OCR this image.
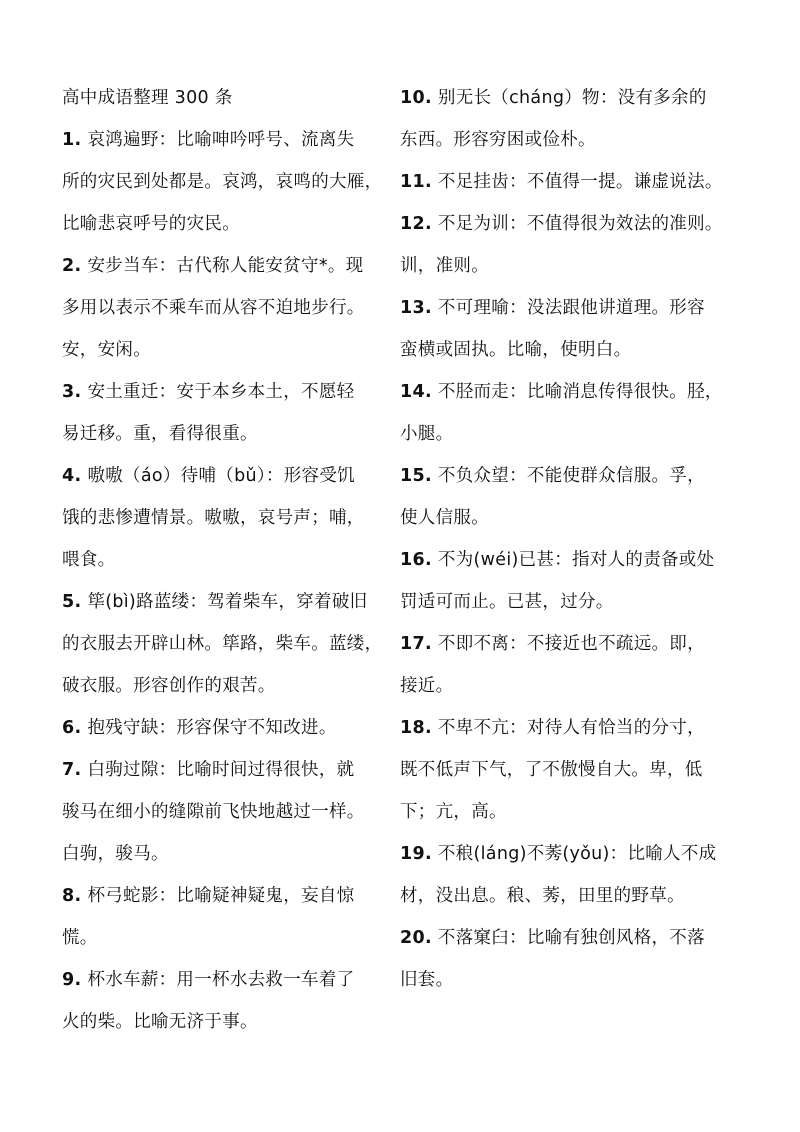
高中成语整理 300 条
1. 哀鸿遍野：比喻呻吟呼号、流离失
所的灾民到处都是。哀鸿，哀鸣的大雁，
比喻悲哀呼号的灾民。
2. 安步当车：古代称人能安贫守*。现
多用以表示不乘车而从容不迫地步行。
安，安闲。
3. 安土重迁：安于本乡本土，不愿轻
易迁移。重，看得很重。
4. 嗷嗷（áo）待哺（bǔ）：形容受饥
饿的悲惨遭情景。嗷嗷，哀号声；哺，
喂食。
5. 筚(bì)路蓝缕：驾着柴车，穿着破旧
的衣服去开辟山林。筚路，柴车。蓝缕，
破衣服。形容创作的艰苦。
6. 抱残守缺：形容保守不知改进。
7. 白驹过隙：比喻时间过得很快，就
骏马在细小的缝隙前飞快地越过一样。
白驹，骏马。
8. 杯弓蛇影：比喻疑神疑鬼，妄自惊
慌。
9. 杯水车薪：用一杯水去救一车着了
火的柴。比喻无济于事。
10. 别无长（cháng）物：没有多余的
东西。形容穷困或俭朴。
11. 不足挂齿：不值得一提。谦虚说法。
12. 不足为训：不值得很为效法的准则。
训，准则。
13. 不可理喻：没法跟他讲道理。形容
蛮横或固执。比喻，使明白。
14. 不胫而走：比喻消息传得很快。胫，
小腿。
15. 不负众望：不能使群众信服。孚，
使人信服。
16. 不为(wéi)已甚：指对人的责备或处
罚适可而止。已甚，过分。
17. 不即不离：不接近也不疏远。即，
接近。
18. 不卑不亢：对待人有恰当的分寸，
既不低声下气，了不傲慢自大。卑，低
下；亢，高。
19. 不稂(láng)不莠(yǒu)：比喻人不成
材，没出息。稂、莠，田里的野草。
20. 不落窠臼：比喻有独创风格，不落
旧套。
